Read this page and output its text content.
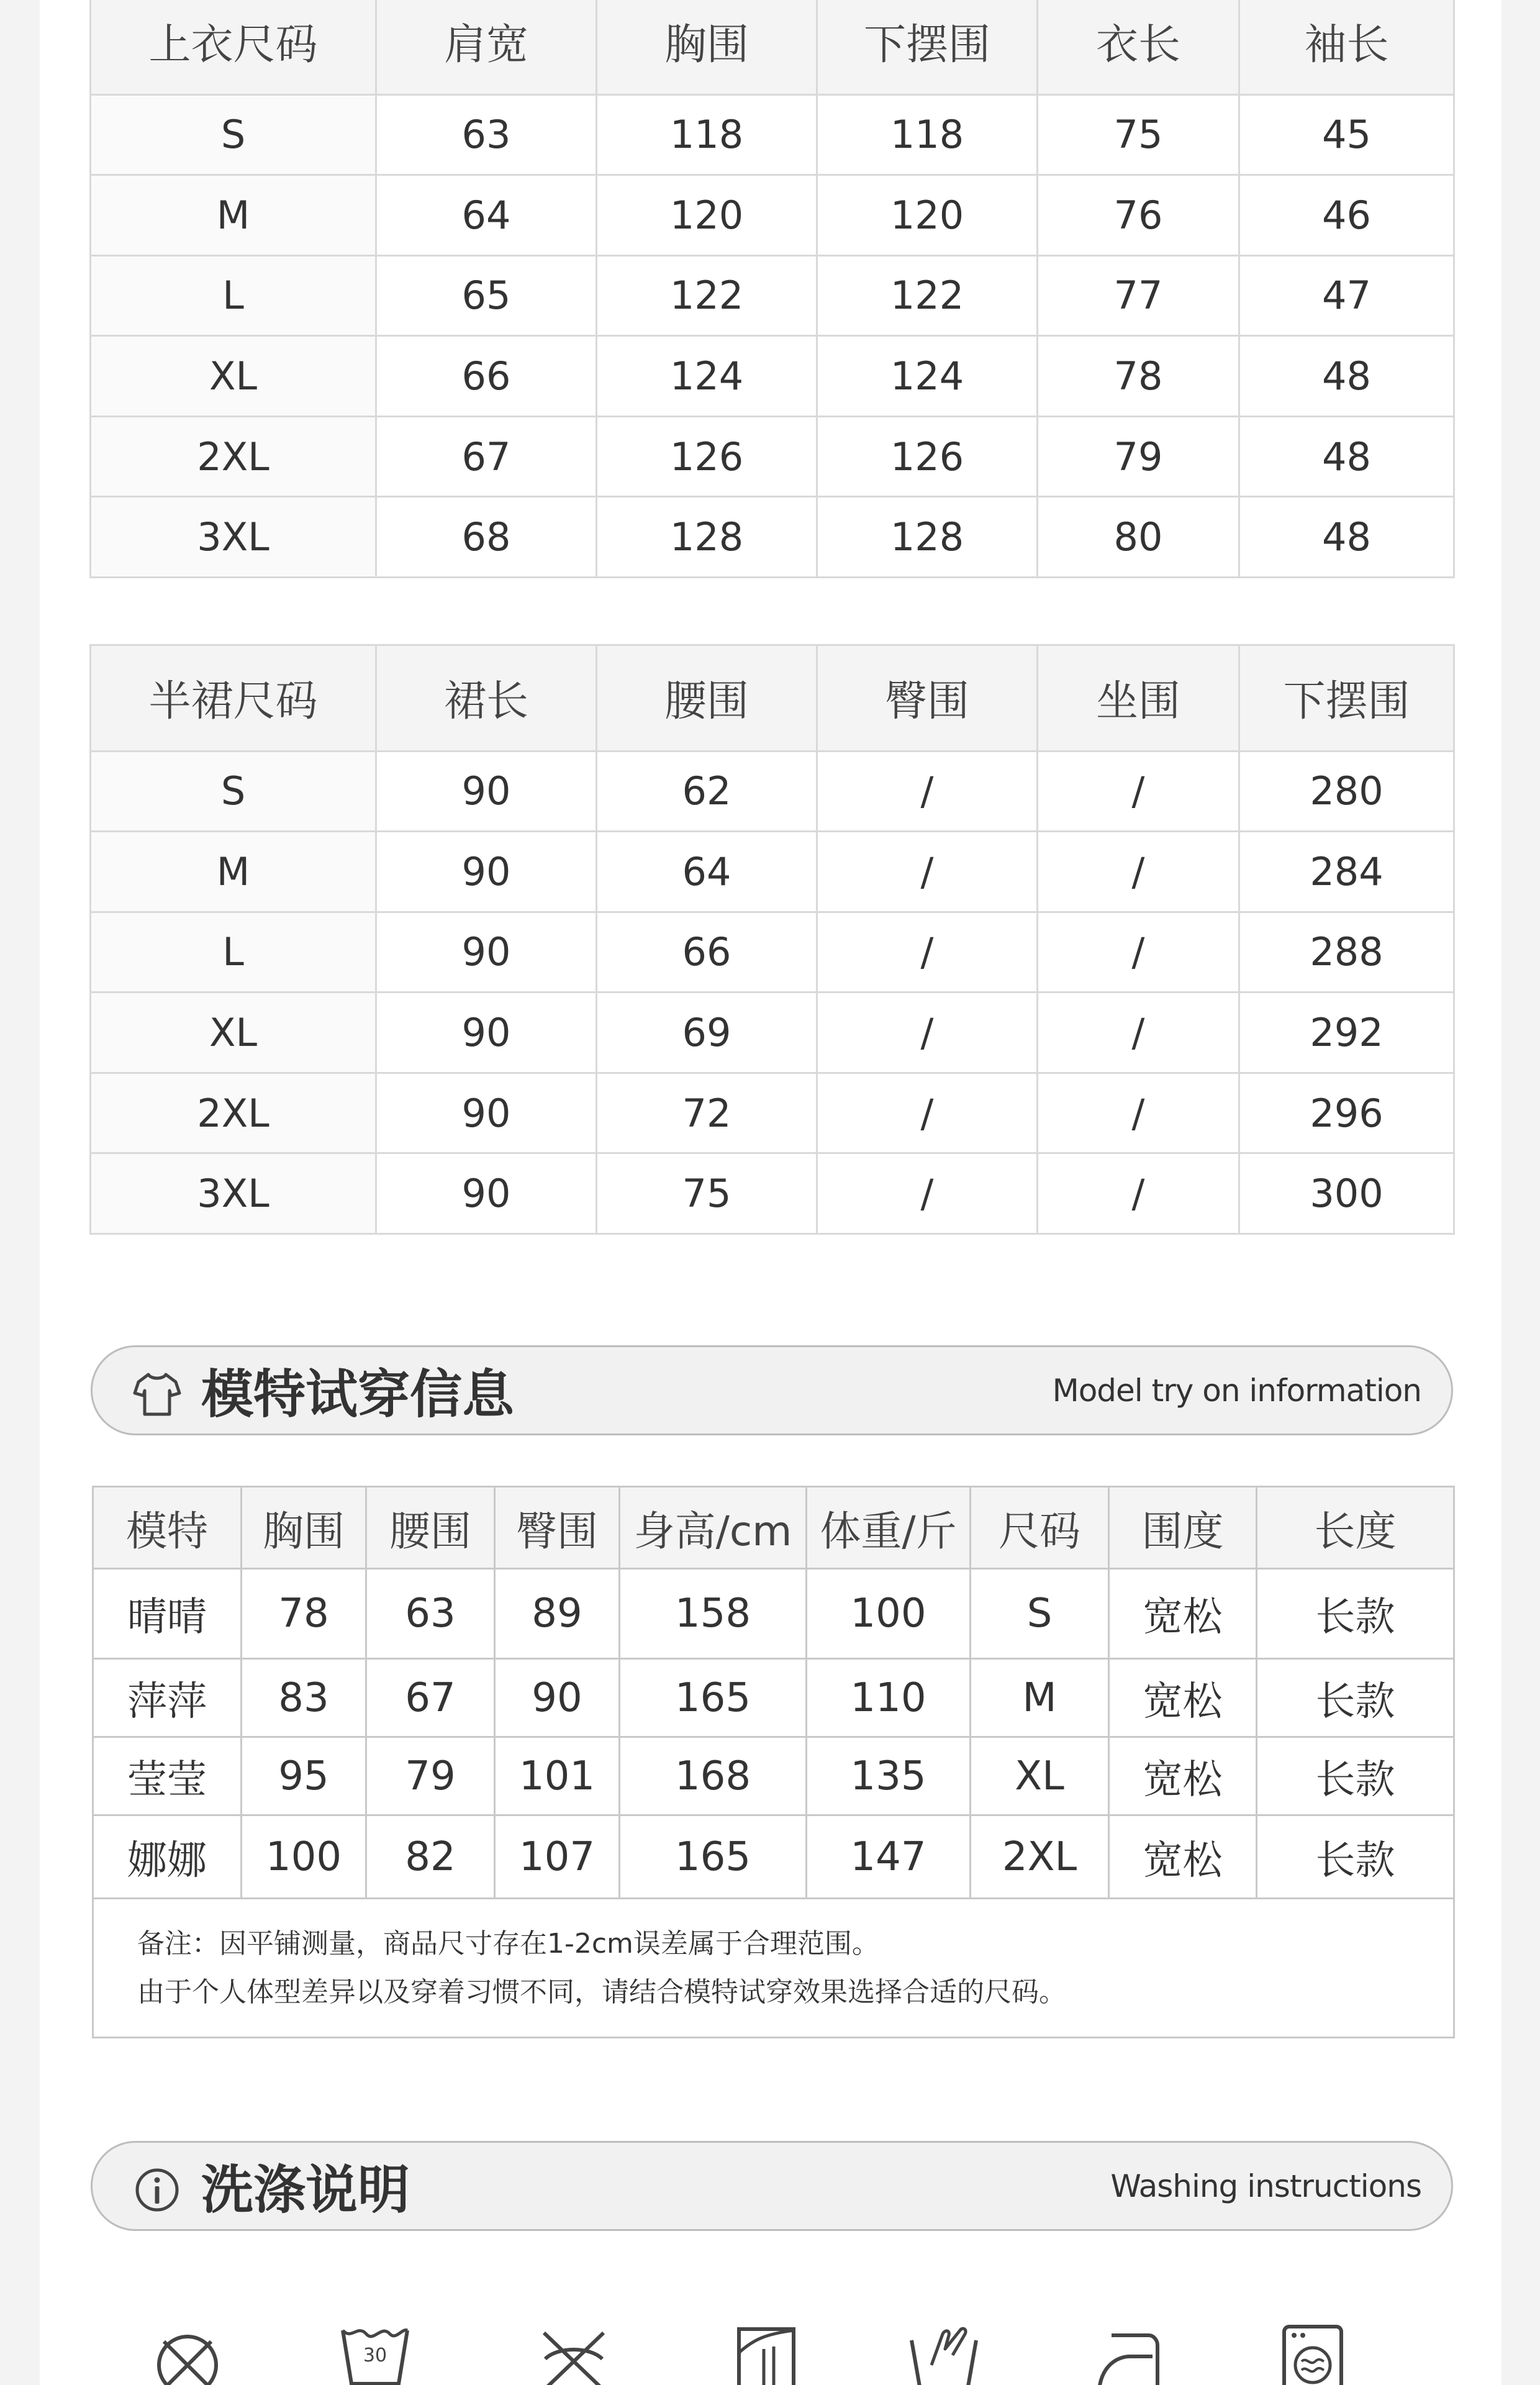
上衣尺码	肩宽	胸围	下摆围	衣长	袖长
S	63	118	118	75	45
M	64	120	120	76	46
L	65	122	122	77	47
XL	66	124	124	78	48
2XL	67	126	126	79	48
3XL	68	128	128	80	48
半裙尺码	裙长	腰围	臀围	坐围	下摆围
S	90	62	/	/	280
M	90	64	/	/	284
L	90	66	/	/	288
XL	90	69	/	/	292
2XL	90	72	/	/	296
3XL	90	75	/	/	300
模特试穿信息	Model try on information
模特	胸围	腰围	臀围	身高/cm	体重/斤	尺码	围度	长度
晴晴	78	63	89	158	100	S	宽松	长款
萍萍	83	67	90	165	110	M	宽松	长款
莹莹	95	79	101	168	135	XL	宽松	长款
娜娜	100	82	107	165	147	2XL	宽松	长款

备注：因平铺测量，商品尺寸存在1-2cm误差属于合理范围。
由于个人体型差异以及穿着习惯不同，请结合模特试穿效果选择合适的尺码。								
洗涤说明	Washing instructions
30
